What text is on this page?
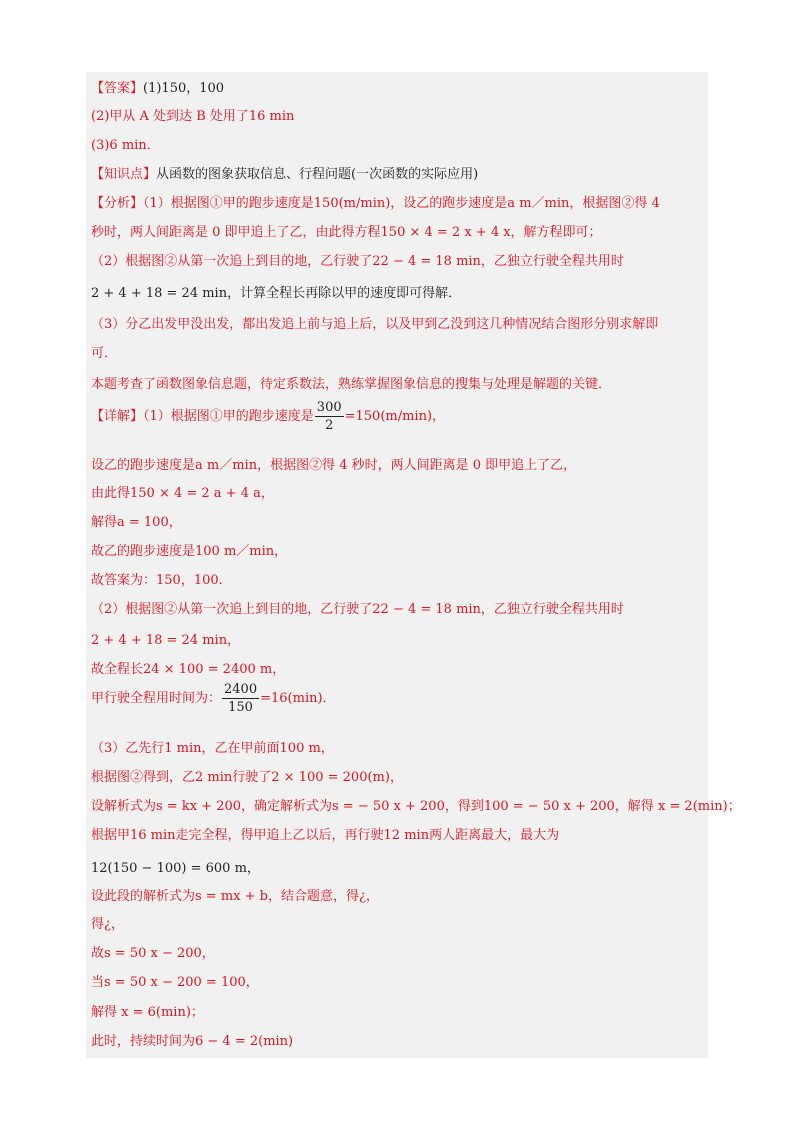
【答案】(1)150，100
(2)甲从 A 处到达 B 处用了16 min
(3)6 min．
【知识点】从函数的图象获取信息、行程问题(一次函数的实际应用)
【分析】（1）根据图①甲的跑步速度是150(m/min)，设乙的跑步速度是a m／min，根据图②得 4
秒时，两人间距离是 0 即甲追上了乙，由此得方程150 × 4 = 2 x + 4 x，解方程即可；
（2）根据图②从第一次追上到目的地，乙行驶了22 − 4 = 18 min，乙独立行驶全程共用时
2 + 4 + 18 = 24 min，计算全程长再除以甲的速度即可得解．
（3）分乙出发甲没出发，都出发追上前与追上后，以及甲到乙没到这几种情况结合图形分别求解即
可．
本题考查了函数图象信息题，待定系数法，熟练掌握图象信息的搜集与处理是解题的关键．
【详解】（1）根据图①甲的跑步速度是 $\frac{300}{2} =150(m/\min)$，
设乙的跑步速度是a m／min，根据图②得 4 秒时，两人间距离是 0 即甲追上了乙，
由此得150 × 4 = 2 a + 4 a，
解得a = 100，
故乙的跑步速度是100 m／min，
故答案为：150，100．
（2）根据图②从第一次追上到目的地，乙行驶了22 − 4 = 18 min，乙独立行驶全程共用时
2 + 4 + 18 = 24 min，
故全程长24 × 100 = 2400 m，
甲行驶全程用时间为： $\frac{2400}{150} =16(\min)$．
（3）乙先行1 min，乙在甲前面100 m，
根据图②得到，乙2 min行驶了2 × 100 = 200(m)，
设解析式为s = kx + 200，确定解析式为s = − 50 x + 200，得到100 = − 50 x + 200，解得 x = 2(min)；
根据甲16 min走完全程，得甲追上乙以后，再行驶12 min两人距离最大，最大为
12(150 − 100) = 600 m，
设此段的解析式为s = mx + b，结合题意，得¿，
得¿，
故s = 50 x − 200，
当s = 50 x − 200 = 100，
解得 x = 6(min)；
此时，持续时间为6 − 4 = 2(min)
